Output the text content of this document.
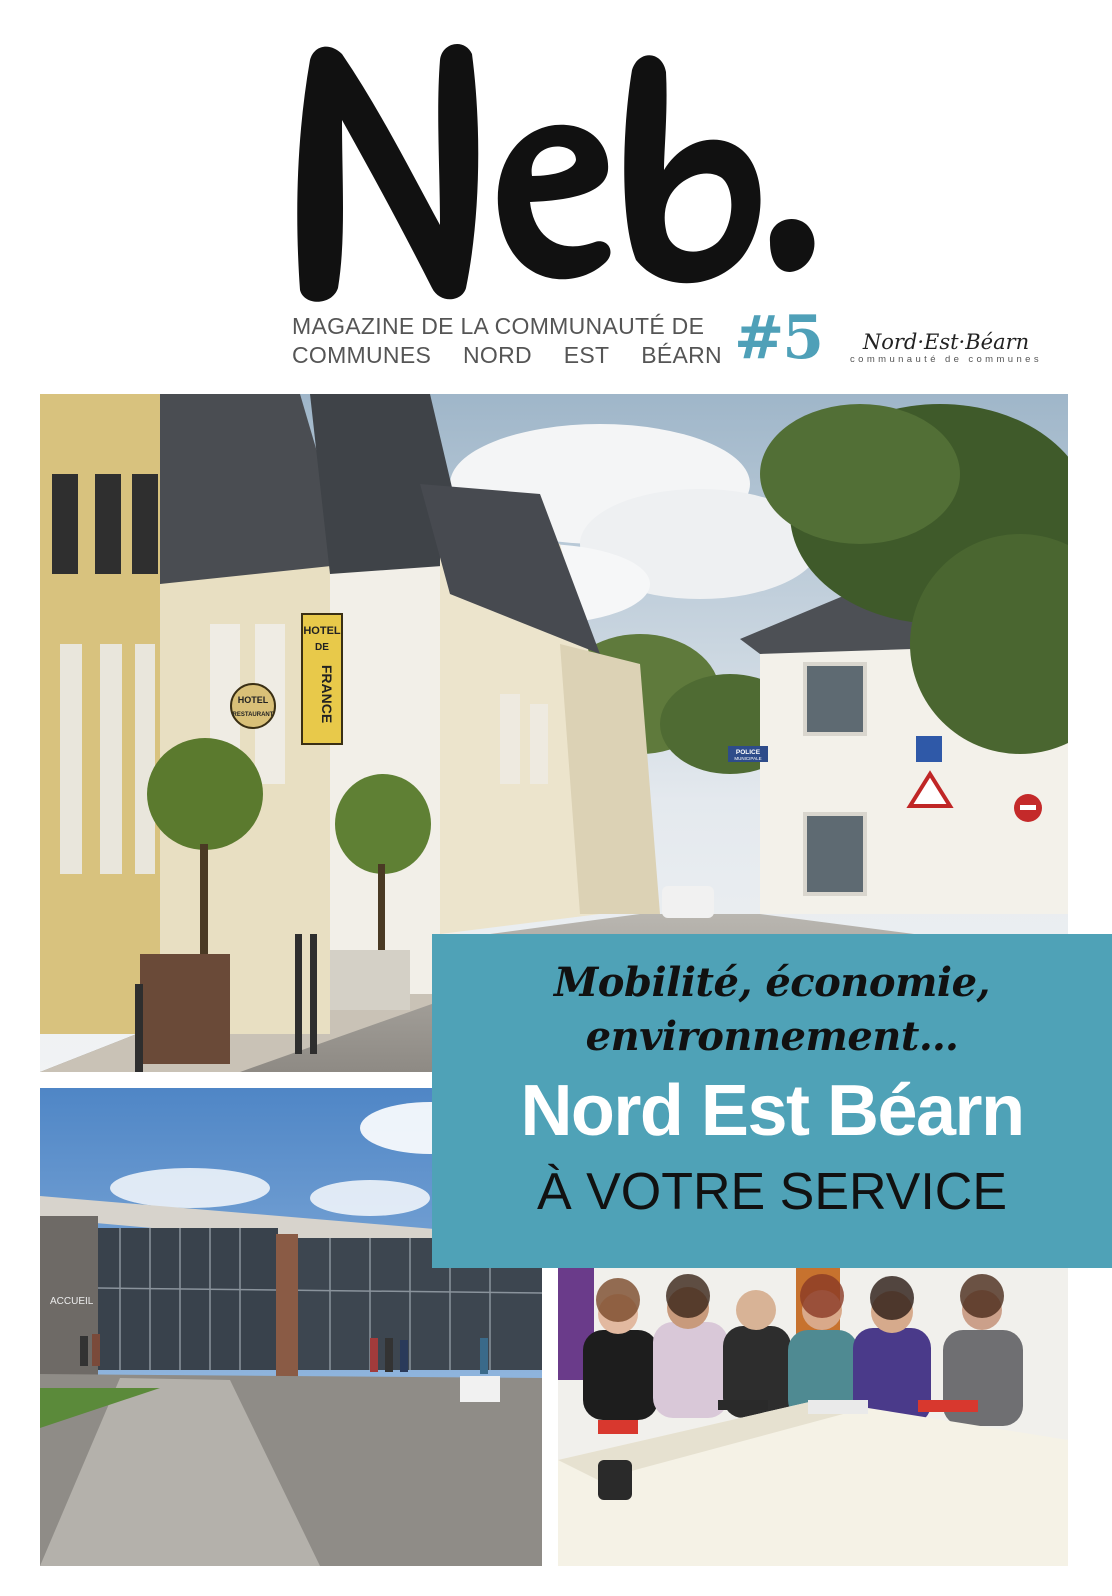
MAGAZINE DE LA COMMUNAUTÉ DE
COMMUNES NORD EST BÉARN #5	Nord·Est·Béarn
communauté de communes
HOTEL
DE
FRANCE
HOTEL
RESTAURANT
POLICE
MUNICIPALE
ACCUEIL
Mobilité, économie,
environnement…
Nord Est Béarn
À VOTRE SERVICE
